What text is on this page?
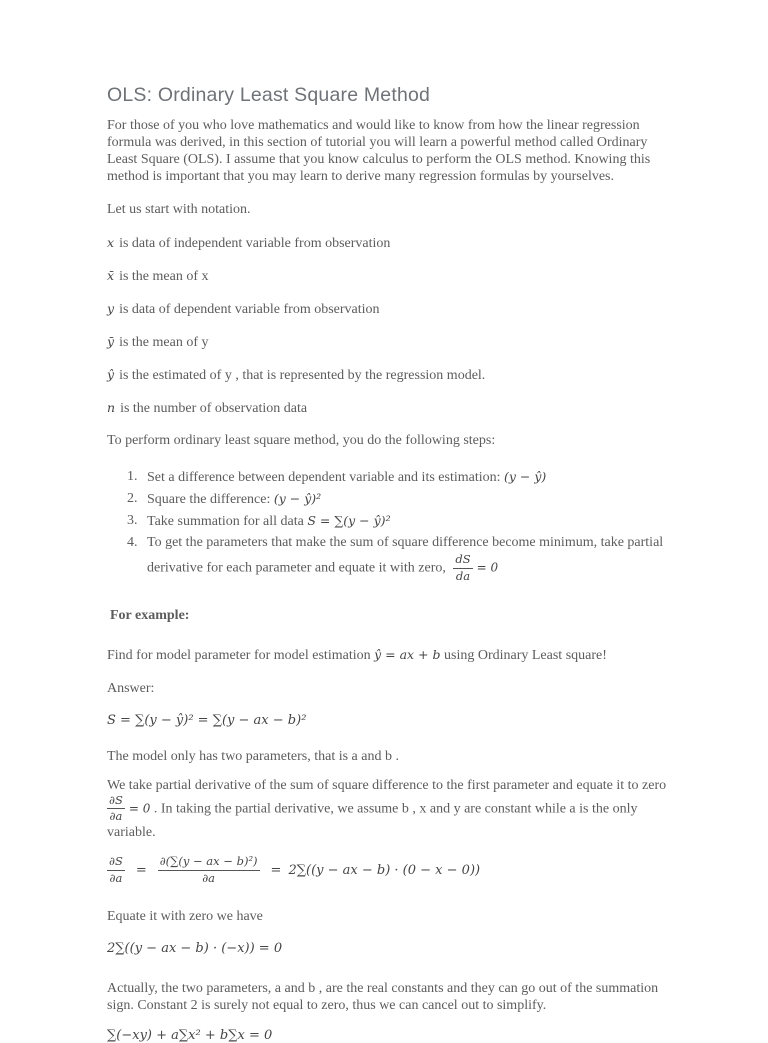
OLS: Ordinary Least Square Method

For those of you who love mathematics and would like to know from how the linear regression formula was derived, in this section of tutorial you will learn a powerful method called Ordinary Least Square (OLS). I assume that you know calculus to perform the OLS method. Knowing this method is important that you may learn to derive many regression formulas by yourselves.

Let us start with notation.

x is data of independent variable from observation
x̄ is the mean of x
y is data of dependent variable from observation
ȳ is the mean of y
ŷ is the estimated of y , that is represented by the regression model.
n is the number of observation data

To perform ordinary least square method, you do the following steps:

1. Set a difference between dependent variable and its estimation: (y − ŷ)
2. Square the difference: (y − ŷ)²
3. Take summation for all data S = ∑(y − ŷ)²
4. To get the parameters that make the sum of square difference become minimum, take partial derivative for each parameter and equate it with zero, $\frac{dS}{da} = 0$
For example:

Find for model parameter for model estimation ŷ = ax + b using Ordinary Least square!

Answer:

S = ∑(y − ŷ)² = ∑(y − ax − b)²

The model only has two parameters, that is a and b .

We take partial derivative of the sum of square difference to the first parameter and equate it to zero

$\frac{\partial S}{\partial a} = 0$ . In taking the partial derivative, we assume b , x and y are constant while a is the only variable.

$\frac{\partial S}{\partial a} = \frac{\text{∂(∑(y − ax − b)²)}}{\partial a} = 2\sum((y$ − ax − b) · (0 − x − 0))

Equate it with zero we have

2∑((y − ax − b) · (−x)) = 0

Actually, the two parameters, a and b , are the real constants and they can go out of the summation sign. Constant 2 is surely not equal to zero, thus we can cancel out to simplify.

∑(−xy) + a∑x² + b∑x = 0
